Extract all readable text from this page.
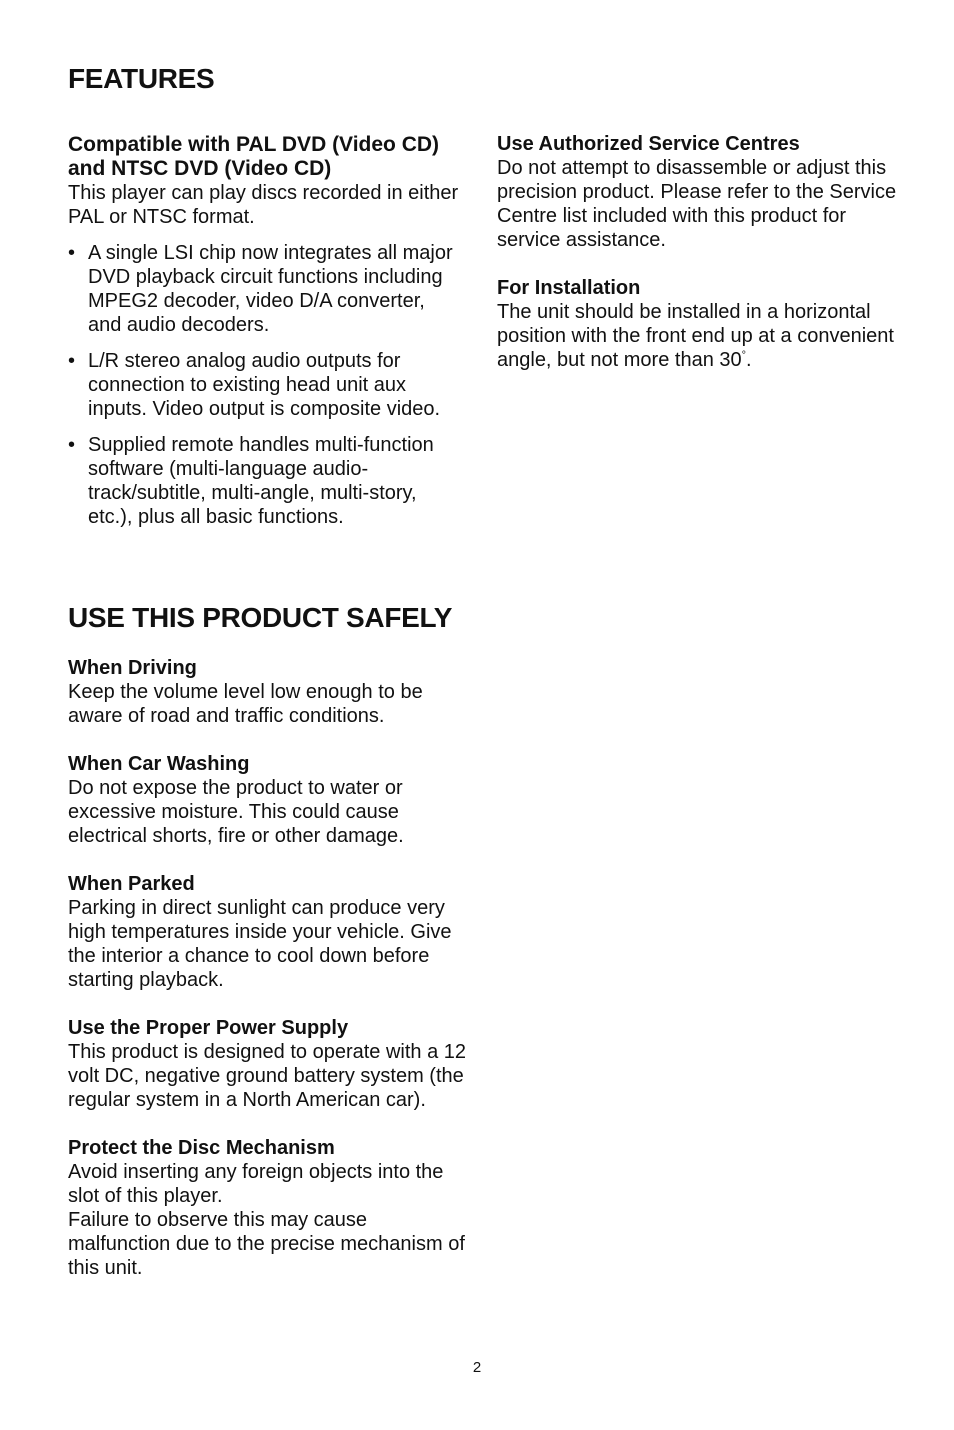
FEATURES

Compatible with PAL DVD (Video CD) and NTSC DVD (Video CD)

This player can play discs recorded in either PAL or NTSC format.

• A single LSI chip now integrates all major DVD playback circuit functions including MPEG2 decoder, video D/A converter, and audio decoders.
• L/R stereo analog audio outputs for connection to existing head unit aux inputs. Video output is composite video.
• Supplied remote handles multi-function software (multi-language audio-track/subtitle, multi-angle, multi-story, etc.), plus all basic functions.
USE THIS PRODUCT SAFELY

When Driving

Keep the volume level low enough to be aware of road and traffic conditions.

When Car Washing

Do not expose the product to water or excessive moisture. This could cause electrical shorts, fire or other damage.

When Parked

Parking in direct sunlight can produce very high temperatures inside your vehicle. Give the interior a chance to cool down before starting playback.

Use the Proper Power Supply

This product is designed to operate with a 12 volt DC, negative ground battery system (the regular system in a North American car).

Protect the Disc Mechanism

Avoid inserting any foreign objects into the slot of this player.

Failure to observe this may cause malfunction due to the precise mechanism of this unit.

Use Authorized Service Centres

Do not attempt to disassemble or adjust this precision product. Please refer to the Service Centre list included with this product for service assistance.

For Installation

The unit should be installed in a horizontal position with the front end up at a convenient angle, but not more than 30°.

2
